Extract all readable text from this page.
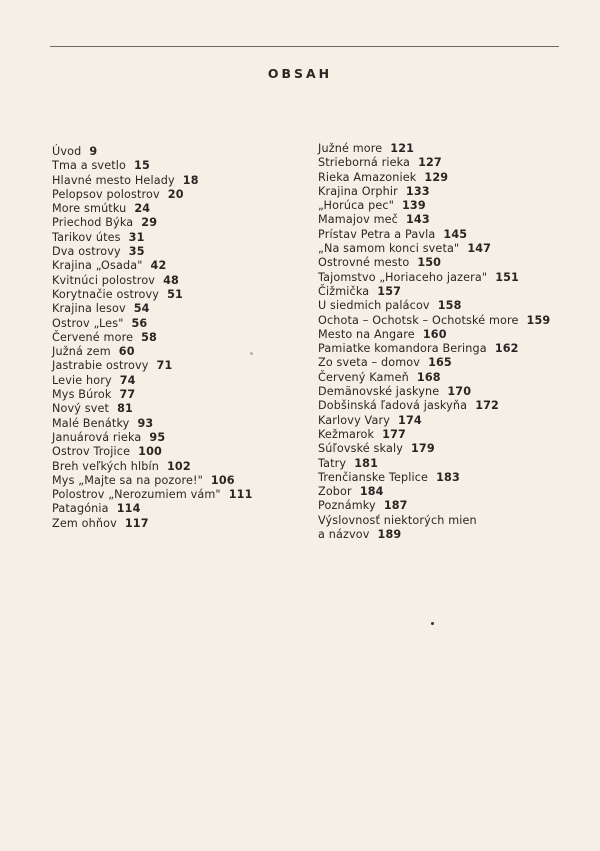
OBSAH
Úvod 9
Tma a svetlo 15
Hlavné mesto Helady 18
Pelopsov polostrov 20
More smútku 24
Priechod Býka 29
Tarikov útes 31
Dva ostrovy 35
Krajina „Osada" 42
Kvitnúci polostrov 48
Korytnačie ostrovy 51
Krajina lesov 54
Ostrov „Les" 56
Červené more 58
Južná zem 60
Jastrabie ostrovy 71
Levie hory 74
Mys Búrok 77
Nový svet 81
Malé Benátky 93
Januárová rieka 95
Ostrov Trojice 100
Breh veľkých hlbín 102
Mys „Majte sa na pozore!" 106
Polostrov „Nerozumiem vám" 111
Patagónia 114
Zem ohňov 117
Južné more 121
Strieborná rieka 127
Rieka Amazoniek 129
Krajina Orphir 133
„Horúca pec" 139
Mamajov meč 143
Prístav Petra a Pavla 145
„Na samom konci sveta" 147
Ostrovné mesto 150
Tajomstvo „Horiaceho jazera" 151
Čižmička 157
U siedmich palácov 158
Ochota – Ochotsk – Ochotské more 159
Mesto na Angare 160
Pamiatke komandora Beringa 162
Zo sveta – domov 165
Červený Kameň 168
Demänovské jaskyne 170
Dobšinská ľadová jaskyňa 172
Karlovy Vary 174
Kežmarok 177
Súľovské skaly 179
Tatry 181
Trenčianske Teplice 183
Zobor 184
Poznámky 187
Výslovnosť niektorých mien
a názvov 189
